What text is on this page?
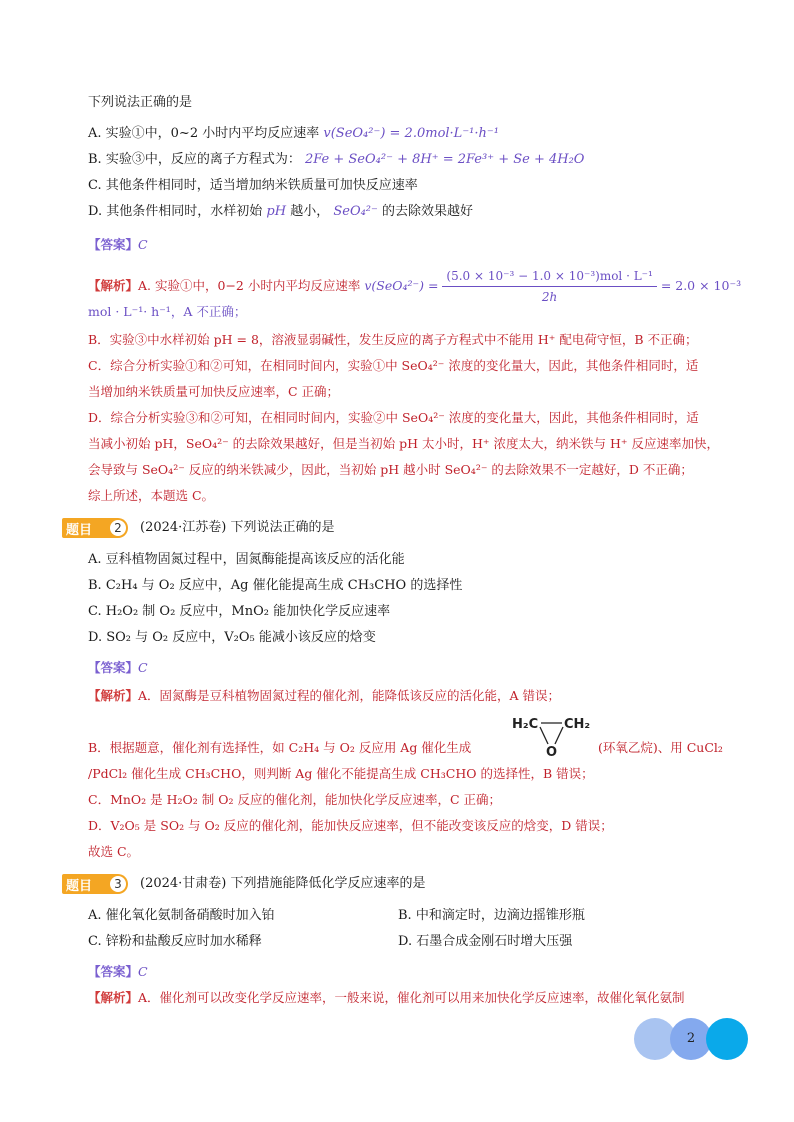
下列说法正确的是
A. 实验①中，0~2 小时内平均反应速率 v(SeO₄²⁻) = 2.0mol·L⁻¹·h⁻¹
B. 实验③中，反应的离子方程式为： 2Fe + SeO₄²⁻ + 8H⁺ = 2Fe³⁺ + Se + 4H₂O
C. 其他条件相同时，适当增加纳米铁质量可加快反应速率
D. 其他条件相同时，水样初始 pH 越小， SeO₄²⁻ 的去除效果越好
【答案】C
【解析】A. 实验①中，0−2 小时内平均反应速率 $v(SeO_4^{2-}) = \frac{\text{(5.0 × 10⁻³ − 1.0 × 10⁻³)mol · L⁻¹}}{2h} = 2.0 \times 10^{-3}$
mol · L⁻¹· h⁻¹，A 不正确；
B．实验③中水样初始 pH = 8，溶液显弱碱性，发生反应的离子方程式中不能用 H⁺ 配电荷守恒，B 不正确；
C．综合分析实验①和②可知，在相同时间内，实验①中 SeO₄²⁻ 浓度的变化量大，因此，其他条件相同时，适
当增加纳米铁质量可加快反应速率，C 正确；
D．综合分析实验③和②可知，在相同时间内，实验②中 SeO₄²⁻ 浓度的变化量大，因此，其他条件相同时，适
当减小初始 pH，SeO₄²⁻ 的去除效果越好，但是当初始 pH 太小时，H⁺ 浓度太大，纳米铁与 H⁺ 反应速率加快，
会导致与 SeO₄²⁻ 反应的纳米铁减少，因此，当初始 pH 越小时 SeO₄²⁻ 的去除效果不一定越好，D 不正确；
综上所述，本题选 C。
题目	2	(2024·江苏卷) 下列说法正确的是
A. 豆科植物固氮过程中，固氮酶能提高该反应的活化能
B. C₂H₄ 与 O₂ 反应中，Ag 催化能提高生成 CH₃CHO 的选择性
C. H₂O₂ 制 O₂ 反应中，MnO₂ 能加快化学反应速率
D. SO₂ 与 O₂ 反应中，V₂O₅ 能减小该反应的焓变
【答案】C
【解析】A．固氮酶是豆科植物固氮过程的催化剂，能降低该反应的活化能，A 错误；
H₂C CH₂
O
B．根据题意，催化剂有选择性，如 C₂H₄ 与 O₂ 反应用 Ag 催化生成	(环氧乙烷)、用 CuCl₂
/PdCl₂ 催化生成 CH₃CHO，则判断 Ag 催化不能提高生成 CH₃CHO 的选择性，B 错误；
C．MnO₂ 是 H₂O₂ 制 O₂ 反应的催化剂，能加快化学反应速率，C 正确；
D．V₂O₅ 是 SO₂ 与 O₂ 反应的催化剂，能加快反应速率，但不能改变该反应的焓变，D 错误；
故选 C。
题目	3	(2024·甘肃卷) 下列措施能降低化学反应速率的是
A. 催化氧化氨制备硝酸时加入铂	B. 中和滴定时，边滴边摇锥形瓶
C. 锌粉和盐酸反应时加水稀释	D. 石墨合成金刚石时增大压强
【答案】C
【解析】A．催化剂可以改变化学反应速率，一般来说，催化剂可以用来加快化学反应速率，故催化氧化氨制
2
